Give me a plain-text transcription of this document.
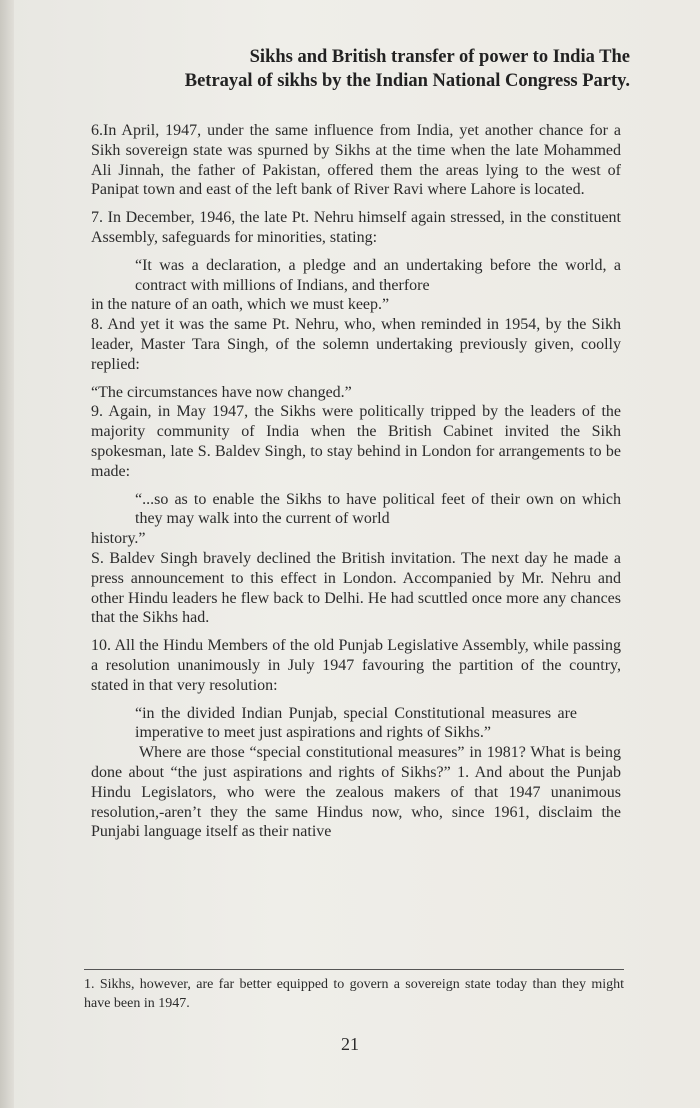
Sikhs and British transfer of power to India The
Betrayal of sikhs by the Indian National Congress Party.

6.In April, 1947, under the same influence from India, yet another chance for a Sikh sovereign state was spurned by Sikhs at the time when the late Mohammed Ali Jinnah, the father of Pakistan, offered them the areas lying to the west of Panipat town and east of the left bank of River Ravi where Lahore is located.

7. In December, 1946, the late Pt. Nehru himself again stressed, in the constituent Assembly, safeguards for minorities, stating:

“It was a declaration, a pledge and an undertaking before the world, a contract with millions of Indians, and therfore

in the nature of an oath, which we must keep.”

8. And yet it was the same Pt. Nehru, who, when reminded in 1954, by the Sikh leader, Master Tara Singh, of the solemn undertaking previously given, coolly replied:

“The circumstances have now changed.”

9. Again, in May 1947, the Sikhs were politically tripped by the leaders of the majority community of India when the British Cabinet invited the Sikh spokesman, late S. Baldev Singh, to stay behind in London for arrangements to be made:

“...so as to enable the Sikhs to have political feet of their own on which they may walk into the current of world

history.”

S. Baldev Singh bravely declined the British invitation. The next day he made a press announcement to this effect in London. Accompanied by Mr. Nehru and other Hindu leaders he flew back to Delhi. He had scuttled once more any chances that the Sikhs had.

10. All the Hindu Members of the old Punjab Legislative Assembly, while passing a resolution unanimously in July 1947 favouring the partition of the country, stated in that very resolution:

“in the divided Indian Punjab, special Constitutional measures are imperative to meet just aspirations and rights of Sikhs.”

Where are those “special constitutional measures” in 1981? What is being done about “the just aspirations and rights of Sikhs?” 1. And about the Punjab Hindu Legislators, who were the zealous makers of that 1947 unanimous resolution,-aren’t they the same Hindus now, who, since 1961, disclaim the Punjabi language itself as their native

1. Sikhs, however, are far better equipped to govern a sovereign state today than they might have been in 1947.
21
